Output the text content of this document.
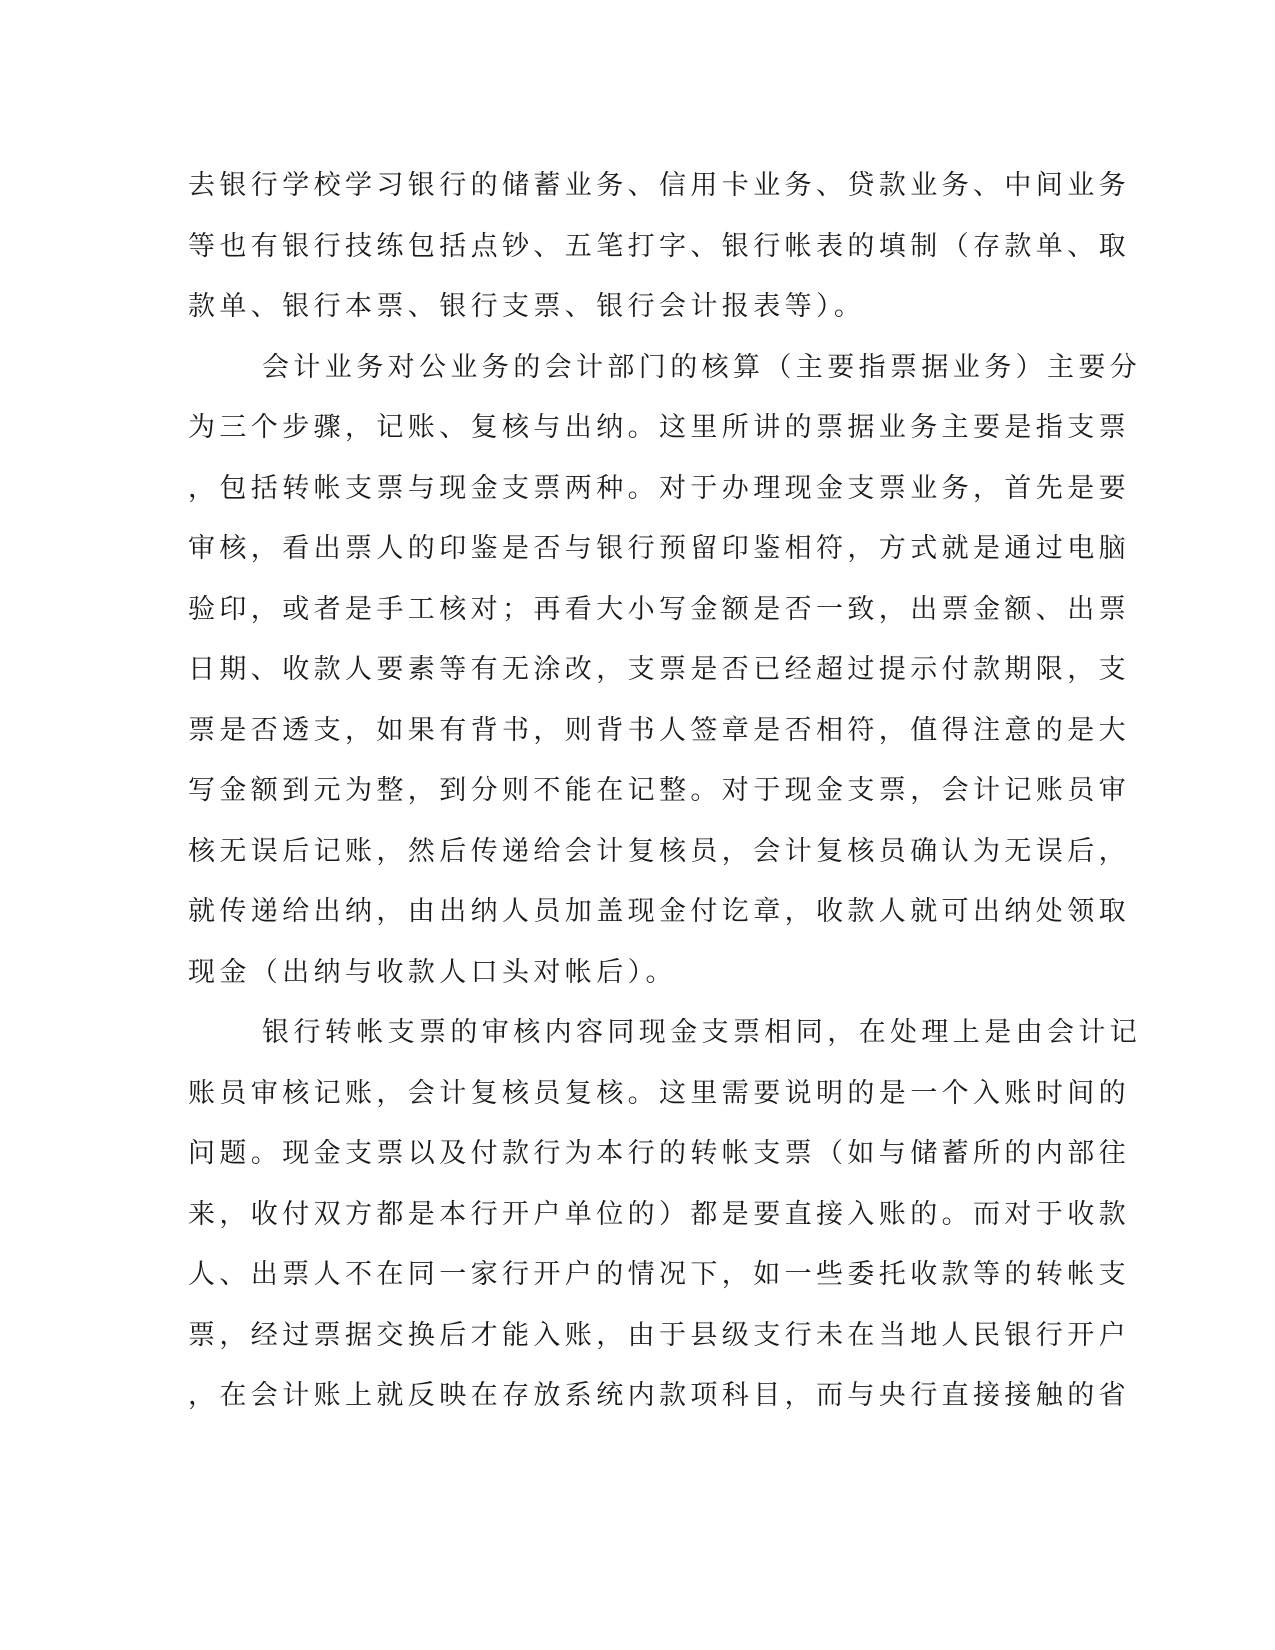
去银行学校学习银行的储蓄业务、信用卡业务、贷款业务、中间业务
等也有银行技练包括点钞、五笔打字、银行帐表的填制（存款单、取
款单、银行本票、银行支票、银行会计报表等）。
会计业务对公业务的会计部门的核算（主要指票据业务）主要分
为三个步骤，记账、复核与出纳。这里所讲的票据业务主要是指支票
，包括转帐支票与现金支票两种。对于办理现金支票业务，首先是要
审核，看出票人的印鉴是否与银行预留印鉴相符，方式就是通过电脑
验印，或者是手工核对；再看大小写金额是否一致，出票金额、出票
日期、收款人要素等有无涂改，支票是否已经超过提示付款期限，支
票是否透支，如果有背书，则背书人签章是否相符，值得注意的是大
写金额到元为整，到分则不能在记整。对于现金支票，会计记账员审
核无误后记账，然后传递给会计复核员，会计复核员确认为无误后，
就传递给出纳，由出纳人员加盖现金付讫章，收款人就可出纳处领取
现金（出纳与收款人口头对帐后）。
银行转帐支票的审核内容同现金支票相同，在处理上是由会计记
账员审核记账，会计复核员复核。这里需要说明的是一个入账时间的
问题。现金支票以及付款行为本行的转帐支票（如与储蓄所的内部往
来，收付双方都是本行开户单位的）都是要直接入账的。而对于收款
人、出票人不在同一家行开户的情况下，如一些委托收款等的转帐支
票，经过票据交换后才能入账，由于县级支行未在当地人民银行开户
，在会计账上就反映在存放系统内款项科目，而与央行直接接触的省
